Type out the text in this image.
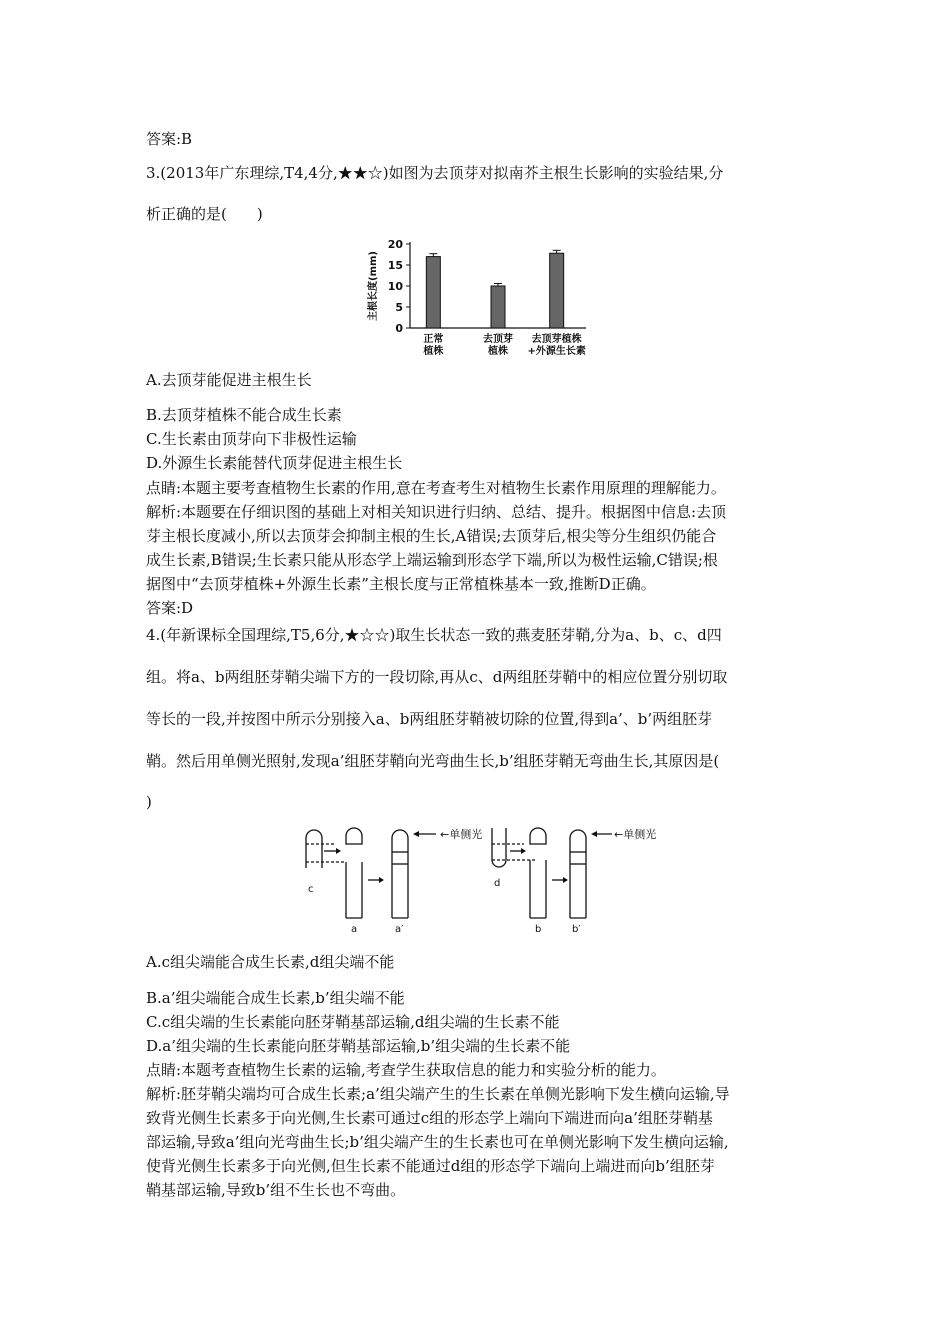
答案:B
3.(2013年广东理综,T4,4分,★★☆)如图为去顶芽对拟南芥主根生长影响的实验结果,分
析正确的是(　　)
0
5
10
15
20
主根长度(mm)
正常
植株
去顶芽
植株
去顶芽植株
+外源生长素
A.去顶芽能促进主根生长
B.去顶芽植株不能合成生长素
C.生长素由顶芽向下非极性运输
D.外源生长素能替代顶芽促进主根生长
点睛:本题主要考查植物生长素的作用,意在考查考生对植物生长素作用原理的理解能力。
解析:本题要在仔细识图的基础上对相关知识进行归纳、总结、提升。根据图中信息:去顶
芽主根长度减小,所以去顶芽会抑制主根的生长,A错误;去顶芽后,根尖等分生组织仍能合
成生长素,B错误;生长素只能从形态学上端运输到形态学下端,所以为极性运输,C错误;根
据图中“去顶芽植株+外源生长素”主根长度与正常植株基本一致,推断D正确。
答案:D
4.(年新课标全国理综,T5,6分,★☆☆)取生长状态一致的燕麦胚芽鞘,分为a、b、c、d四
组。将a、b两组胚芽鞘尖端下方的一段切除,再从c、d两组胚芽鞘中的相应位置分别切取
等长的一段,并按图中所示分别接入a、b两组胚芽鞘被切除的位置,得到a’、b’两组胚芽
鞘。然后用单侧光照射,发现a’组胚芽鞘向光弯曲生长,b’组胚芽鞘无弯曲生长,其原因是(
)
←单侧光	←单侧光
c
a	a′
d
b	b′
A.c组尖端能合成生长素,d组尖端不能
B.a’组尖端能合成生长素,b’组尖端不能
C.c组尖端的生长素能向胚芽鞘基部运输,d组尖端的生长素不能
D.a’组尖端的生长素能向胚芽鞘基部运输,b’组尖端的生长素不能
点睛:本题考查植物生长素的运输,考查学生获取信息的能力和实验分析的能力。
解析:胚芽鞘尖端均可合成生长素;a’组尖端产生的生长素在单侧光影响下发生横向运输,导
致背光侧生长素多于向光侧,生长素可通过c组的形态学上端向下端进而向a’组胚芽鞘基
部运输,导致a’组向光弯曲生长;b’组尖端产生的生长素也可在单侧光影响下发生横向运输,
使背光侧生长素多于向光侧,但生长素不能通过d组的形态学下端向上端进而向b’组胚芽
鞘基部运输,导致b’组不生长也不弯曲。
